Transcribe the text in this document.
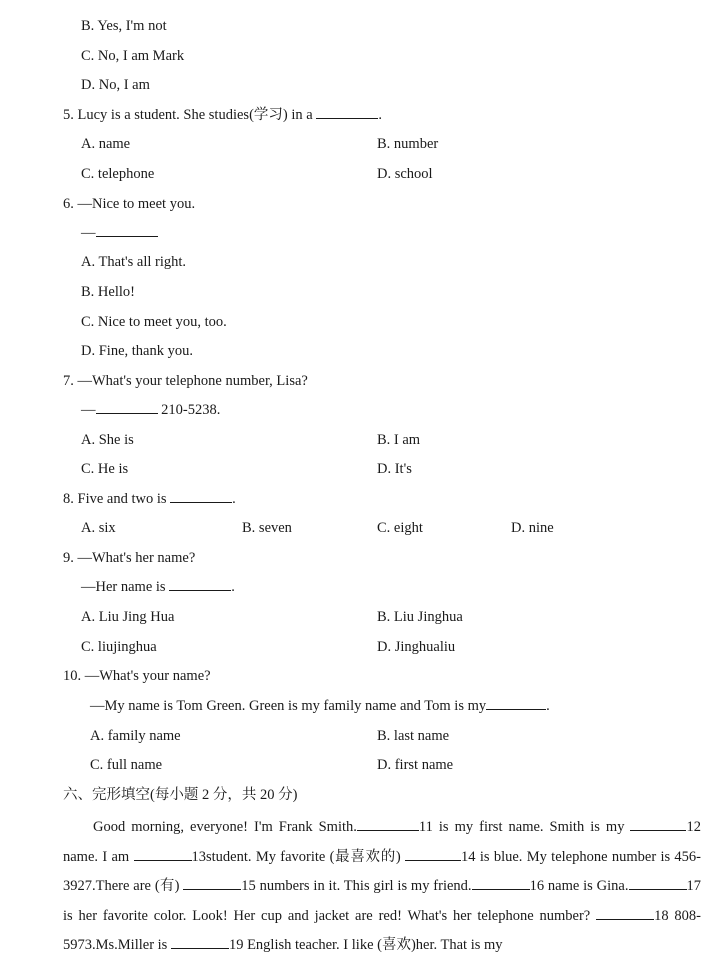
B. Yes, I'm not
C. No, I am Mark
D. No, I am
5. Lucy is a student. She studies(学习) in a	.
A. name	B. number
C. telephone	D. school
6. —Nice to meet you.
—
A. That's all right.
B. Hello!
C. Nice to meet you, too.
D. Fine, thank you.
7. —What's your telephone number, Lisa?
—	210-5238.
A. She is	B. I am
C. He is	D. It's
8. Five and two is	.
A. six	B. seven	C. eight	D. nine
9. —What's her name?
—Her name is	.
A. Liu Jing Hua	B. Liu Jinghua
C. liujinghua	D. Jinghualiu
10. —What's your name?
—My name is Tom Green. Green is my family name and Tom is my	.
A. family name	B. last name
C. full name	D. first name
六、完形填空(每小题 2 分，共 20 分)
Good morning, everyone! I'm Frank Smith.	11 is my first name. Smith is my	12 name. I am	13student. My favorite (最喜欢的)	14 is blue. My telephone number is 456-3927.There are (有)	15 numbers in it. This girl is my friend.	16 name is Gina.	17 is her favorite color. Look! Her cup and jacket are red! What's her telephone number?	18 808-5973.Ms.Miller is	19 English teacher. I like (喜欢)her. That is my
